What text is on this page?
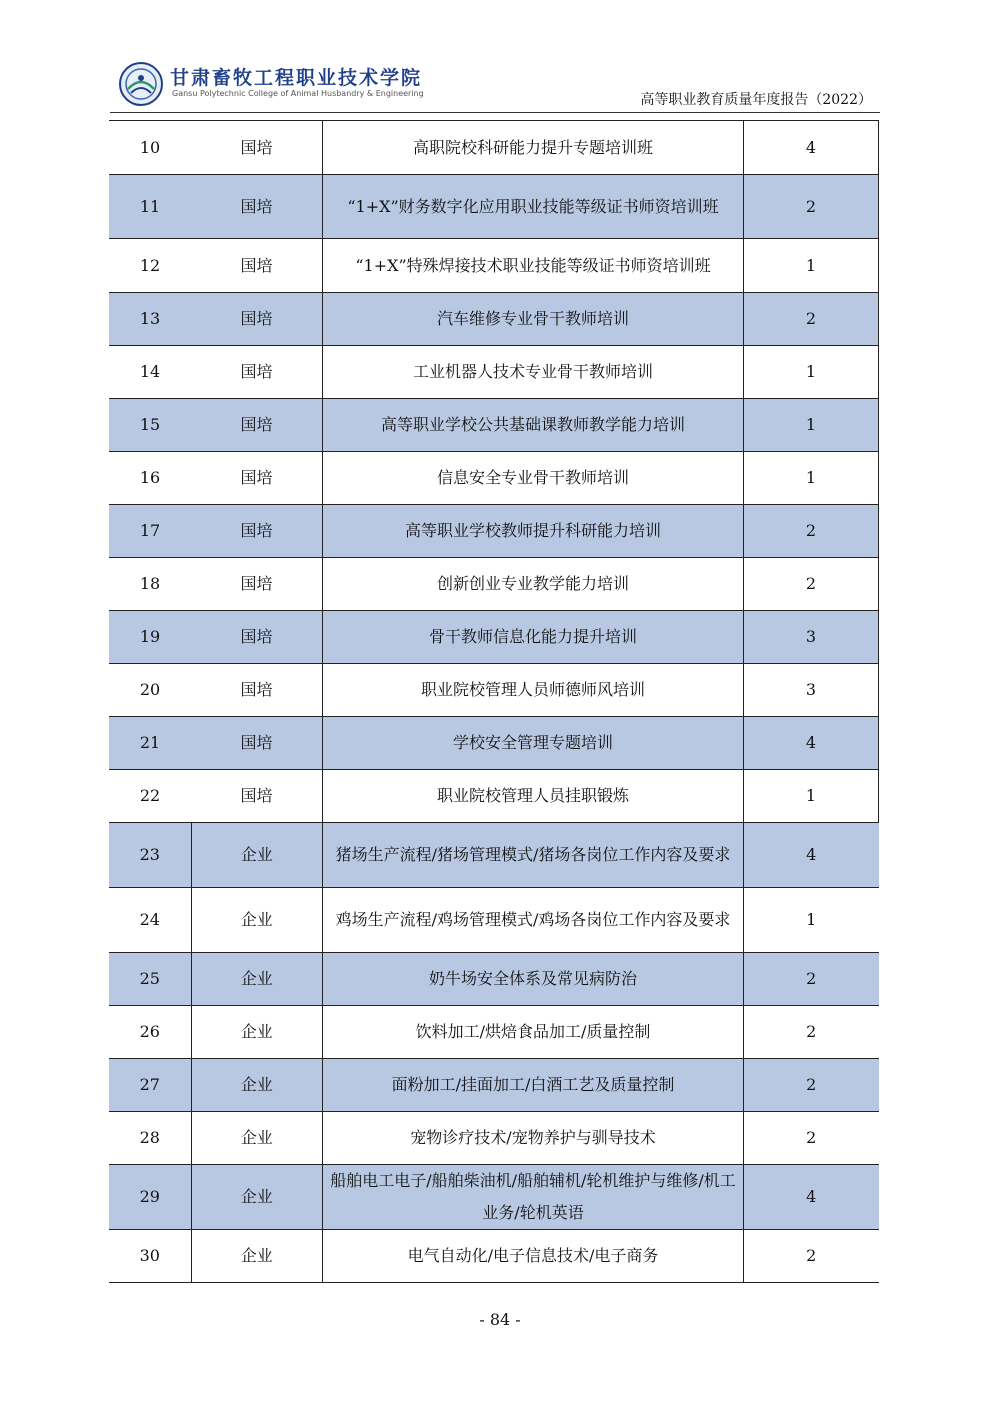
甘肃畜牧工程职业技术学院
Gansu Polytechnic College of Animal Husbandry & Engineering	高等职业教育质量年度报告（2022）
10	国培	高职院校科研能力提升专题培训班	4
11	国培	“1+X”财务数字化应用职业技能等级证书师资培训班	2
12	国培	“1+X”特殊焊接技术职业技能等级证书师资培训班	1
13	国培	汽车维修专业骨干教师培训	2
14	国培	工业机器人技术专业骨干教师培训	1
15	国培	高等职业学校公共基础课教师教学能力培训	1
16	国培	信息安全专业骨干教师培训	1
17	国培	高等职业学校教师提升科研能力培训	2
18	国培	创新创业专业教学能力培训	2
19	国培	骨干教师信息化能力提升培训	3
20	国培	职业院校管理人员师德师风培训	3
21	国培	学校安全管理专题培训	4
22	国培	职业院校管理人员挂职锻炼	1
23	企业	猪场生产流程/猪场管理模式/猪场各岗位工作内容及要求	4
24	企业	鸡场生产流程/鸡场管理模式/鸡场各岗位工作内容及要求	1
25	企业	奶牛场安全体系及常见病防治	2
26	企业	饮料加工/烘焙食品加工/质量控制	2
27	企业	面粉加工/挂面加工/白酒工艺及质量控制	2
28	企业	宠物诊疗技术/宠物养护与驯导技术	2
29	企业	船舶电工电子/船舶柴油机/船舶辅机/轮机维护与维修/机工业务/轮机英语	4
30	企业	电气自动化/电子信息技术/电子商务	2
- 84 -
